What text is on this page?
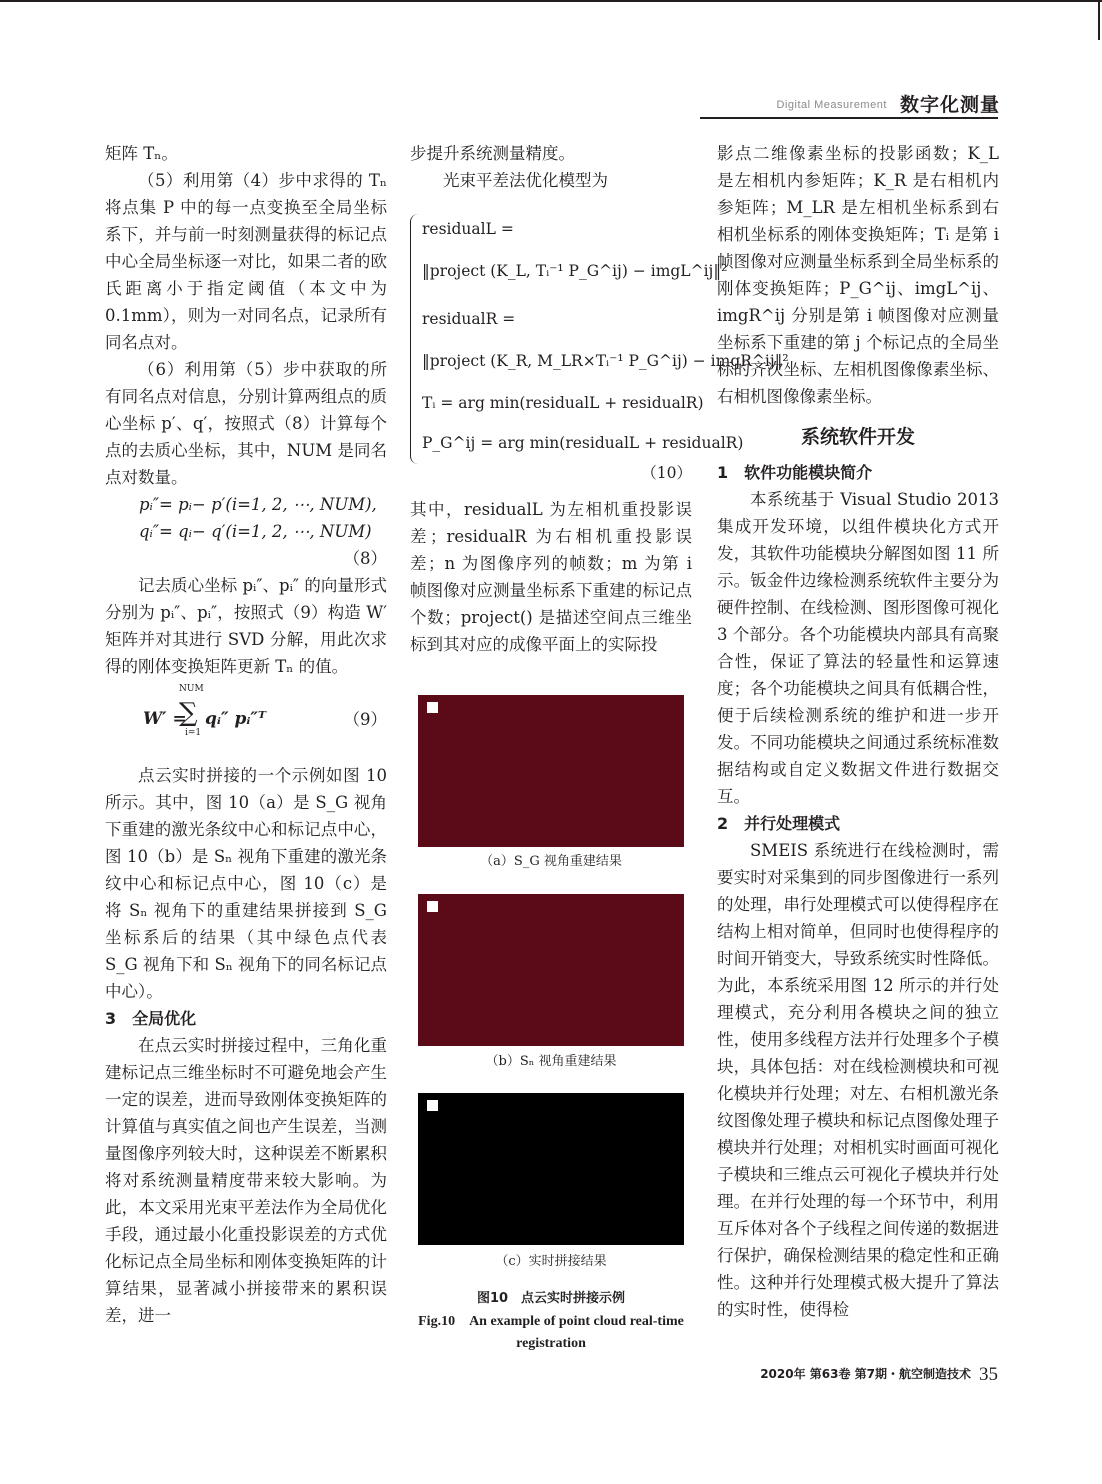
Digital Measurement 数字化测量

矩阵 Tₙ。

（5）利用第（4）步中求得的 Tₙ 将点集 P 中的每一点变换至全局坐标系下，并与前一时刻测量获得的标记点中心全局坐标逐一对比，如果二者的欧氏距离小于指定阈值（本文中为 0.1mm），则为一对同名点，记录所有同名点对。

（6）利用第（5）步中获取的所有同名点对信息，分别计算两组点的质心坐标 p′、q′，按照式（8）计算每个点的去质心坐标，其中，NUM 是同名点对数量。

pᵢ″= pᵢ− p′(i=1, 2, ⋯, NUM),

qᵢ″= qᵢ− q′(i=1, 2, ⋯, NUM)

（8）

记去质心坐标 pᵢ″、pᵢ″ 的向量形式分别为 pᵢ″、pᵢ″，按照式（9）构造 W′ 矩阵并对其进行 SVD 分解，用此次求得的刚体变换矩阵更新 Tₙ 的值。

W′ =
NUM
∑
i=1
qᵢ″ pᵢ″ᵀ	（9）

点云实时拼接的一个示例如图 10 所示。其中，图 10（a）是 S_G 视角下重建的激光条纹中心和标记点中心，图 10（b）是 Sₙ 视角下重建的激光条纹中心和标记点中心，图 10（c）是将 Sₙ 视角下的重建结果拼接到 S_G 坐标系后的结果（其中绿色点代表 S_G 视角下和 Sₙ 视角下的同名标记点中心）。

3　全局优化

在点云实时拼接过程中，三角化重建标记点三维坐标时不可避免地会产生一定的误差，进而导致刚体变换矩阵的计算值与真实值之间也产生误差，当测量图像序列较大时，这种误差不断累积将对系统测量精度带来较大影响。为此，本文采用光束平差法作为全局优化手段，通过最小化重投影误差的方式优化标记点全局坐标和刚体变换矩阵的计算结果，显著减小拼接带来的累积误差，进一

步提升系统测量精度。

光束平差法优化模型为

residualL =
‖project (K_L, Tᵢ⁻¹ P_G^ij) − imgL^ij‖²
residualR =
‖project (K_R, M_LR×Tᵢ⁻¹ P_G^ij) − imgR^ij‖²
Tᵢ = arg min(residualL + residualR)
P_G^ij = arg min(residualL + residualR)
（10）

其中，residualL 为左相机重投影误差；residualR 为右相机重投影误差；n 为图像序列的帧数；m 为第 i 帧图像对应测量坐标系下重建的标记点个数；project() 是描述空间点三维坐标到其对应的成像平面上的实际投

（a）S_G 视角重建结果
（b）Sₙ 视角重建结果
（c）实时拼接结果
图10　点云实时拼接示例
Fig.10　An example of point cloud real-time registration

影点二维像素坐标的投影函数；K_L 是左相机内参矩阵；K_R 是右相机内参矩阵；M_LR 是左相机坐标系到右相机坐标系的刚体变换矩阵；Tᵢ 是第 i 帧图像对应测量坐标系到全局坐标系的刚体变换矩阵；P_G^ij、imgL^ij、imgR^ij 分别是第 i 帧图像对应测量坐标系下重建的第 j 个标记点的全局坐标的齐次坐标、左相机图像像素坐标、右相机图像像素坐标。

系统软件开发

1　软件功能模块简介

本系统基于 Visual Studio 2013 集成开发环境，以组件模块化方式开发，其软件功能模块分解图如图 11 所示。钣金件边缘检测系统软件主要分为硬件控制、在线检测、图形图像可视化 3 个部分。各个功能模块内部具有高聚合性，保证了算法的轻量性和运算速度；各个功能模块之间具有低耦合性，便于后续检测系统的维护和进一步开发。不同功能模块之间通过系统标准数据结构或自定义数据文件进行数据交互。

2　并行处理模式

SMEIS 系统进行在线检测时，需要实时对采集到的同步图像进行一系列的处理，串行处理模式可以使得程序在结构上相对简单，但同时也使得程序的时间开销变大，导致系统实时性降低。为此，本系统采用图 12 所示的并行处理模式，充分利用各模块之间的独立性，使用多线程方法并行处理多个子模块，具体包括：对在线检测模块和可视化模块并行处理；对左、右相机激光条纹图像处理子模块和标记点图像处理子模块并行处理；对相机实时画面可视化子模块和三维点云可视化子模块并行处理。在并行处理的每一个环节中，利用互斥体对各个子线程之间传递的数据进行保护，确保检测结果的稳定性和正确性。这种并行处理模式极大提升了算法的实时性，使得检

2020年 第63卷 第7期・航空制造技术 35
